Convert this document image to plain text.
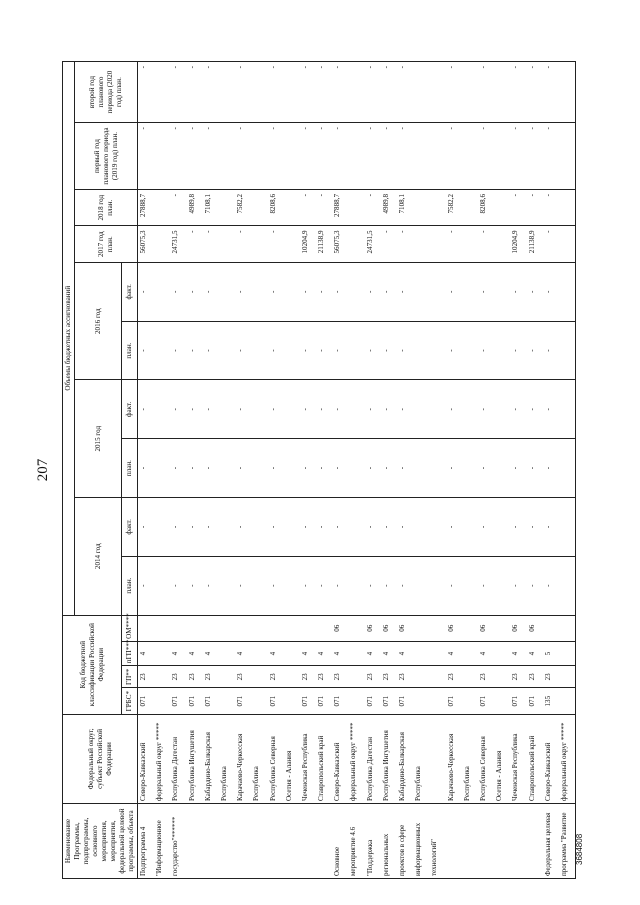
207
Наименование Программы, подпрограммы, основного мероприятия, мероприятия, федеральной целевой программы, объекта	Федеральный округ, субъект Российской Федерации	Код бюджетной классификации Российской Федерации				Объемы бюджетных ассигнований									
						2014 год		2015 год		2016 год		2017 год план.	2018 год план.	первый год планового периода (2019 год) план.	второй год планового периода (2020 год) план.
		ГРБС*	ГП**	пГП***	ОМ****	план.	факт.	план.	факт.	план.	факт.				
Подпрограмма 4	Северо-Кавказский	071	23	4		-	-	-	-	-	-	56075,3	27888,7	-	-
"Информационное	федеральный округ *****														
государство"******	Республика Дагестан	071	23	4		-	-	-	-	-	-	24731,5	-	-	-
	Республика Ингушетия	071	23	4		-	-	-	-	-	-	-	4989,8	-	-
	Кабардино-Балкарская	071	23	4		-	-	-	-	-	-	-	7108,1	-	-
	Республика														
	Карачаево-Черкесская	071	23	4		-	-	-	-	-	-	-	7582,2	-	-
	Республика														
	Республика Северная	071	23	4		-	-	-	-	-	-	-	8208,6	-	-
	Осетия - Алания														
	Чеченская Республика	071	23	4		-	-	-	-	-	-	10204,9	-	-	-
	Ставропольский край	071	23	4		-	-	-	-	-	-	21138,9	-	-	-
Основное	Северо-Кавказский	071	23	4	06	-	-	-	-	-	-	56075,3	27888,7	-	-
мероприятие 4.6	федеральный округ *****														
"Поддержка	Республика Дагестан	071	23	4	06	-	-	-	-	-	-	24731,5	-	-	-
региональных	Республика Ингушетия	071	23	4	06	-	-	-	-	-	-	-	4989,8	-	-
проектов в сфере	Кабардино-Балкарская	071	23	4	06	-	-	-	-	-	-	-	7108,1	-	-
информационных	Республика														
технологий"															
	Карачаево-Черкесская	071	23	4	06	-	-	-	-	-	-	-	7582,2	-	-
	Республика														
	Республика Северная	071	23	4	06	-	-	-	-	-	-	-	8208,6	-	-
	Осетия - Алания														
	Чеченская Республика	071	23	4	06	-	-	-	-	-	-	10204,9	-	-	-
	Ставропольский край	071	23	4	06	-	-	-	-	-	-	21138,9	-	-	-
Федеральная целевая	Северо-Кавказский	135	23	5		-	-	-	-	-	-	-	-	-	-
программа "Развитие	федеральный округ *****														
3684808
